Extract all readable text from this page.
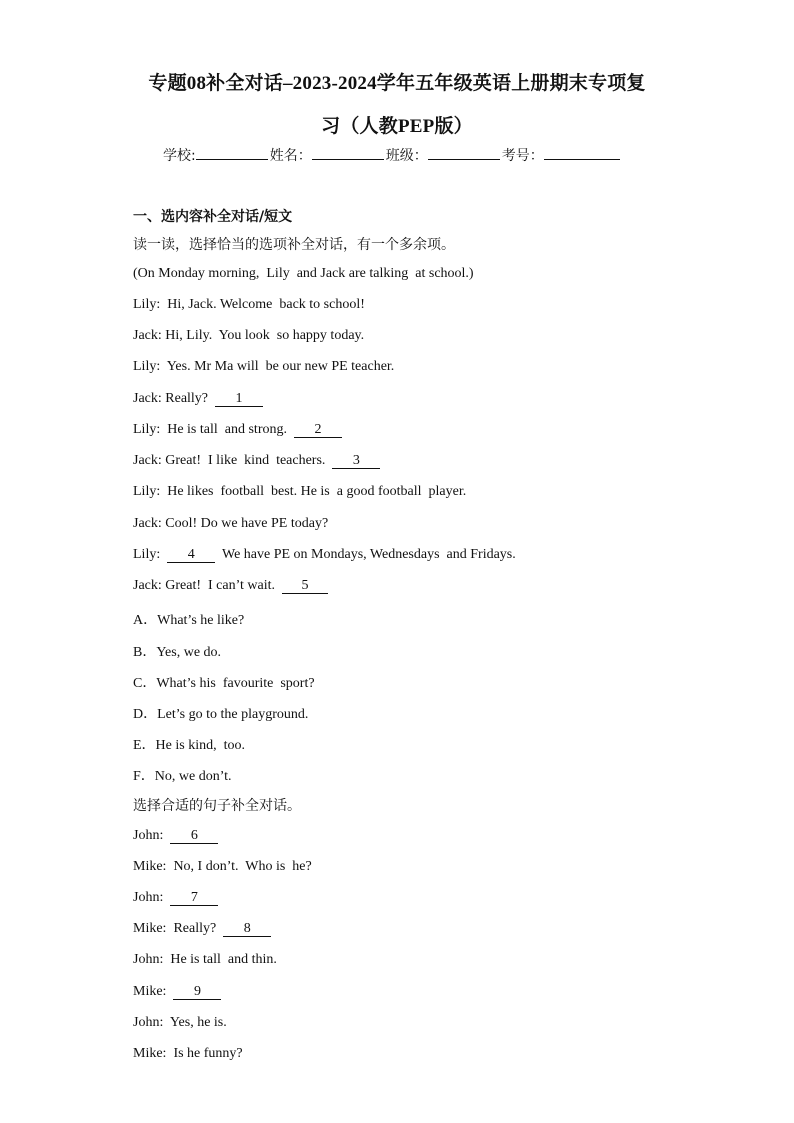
专题08补全对话–2023-2024学年五年级英语上册期末专项复
习（人教PEP版）
学校:	姓名：	班级：	考号：
一、选内容补全对话/短文
读一读，选择恰当的选项补全对话，有一个多余项。
(On Monday morning,  Lily  and Jack are talking  at school.)
Lily:  Hi, Jack. Welcome  back to school!
Jack: Hi, Lily.  You look  so happy today.
Lily:  Yes. Mr Ma will  be our new PE teacher.
Jack: Really?  1
Lily:  He is tall  and strong.  2
Jack: Great!  I like  kind  teachers.  3
Lily:  He likes  football  best. He is  a good football  player.
Jack: Cool! Do we have PE today?
Lily:  4  We have PE on Mondays, Wednesdays  and Fridays.
Jack: Great!  I can’t wait.  5
A．What’s he like?
B．Yes, we do.
C．What’s his  favourite  sport?
D．Let’s go to the playground.
E．He is kind,  too.
F．No, we don’t.
选择合适的句子补全对话。
John:  6
Mike:  No, I don’t.  Who is  he?
John:  7
Mike:  Really?  8
John:  He is tall  and thin.
Mike:  9
John:  Yes, he is.
Mike:  Is he funny?
